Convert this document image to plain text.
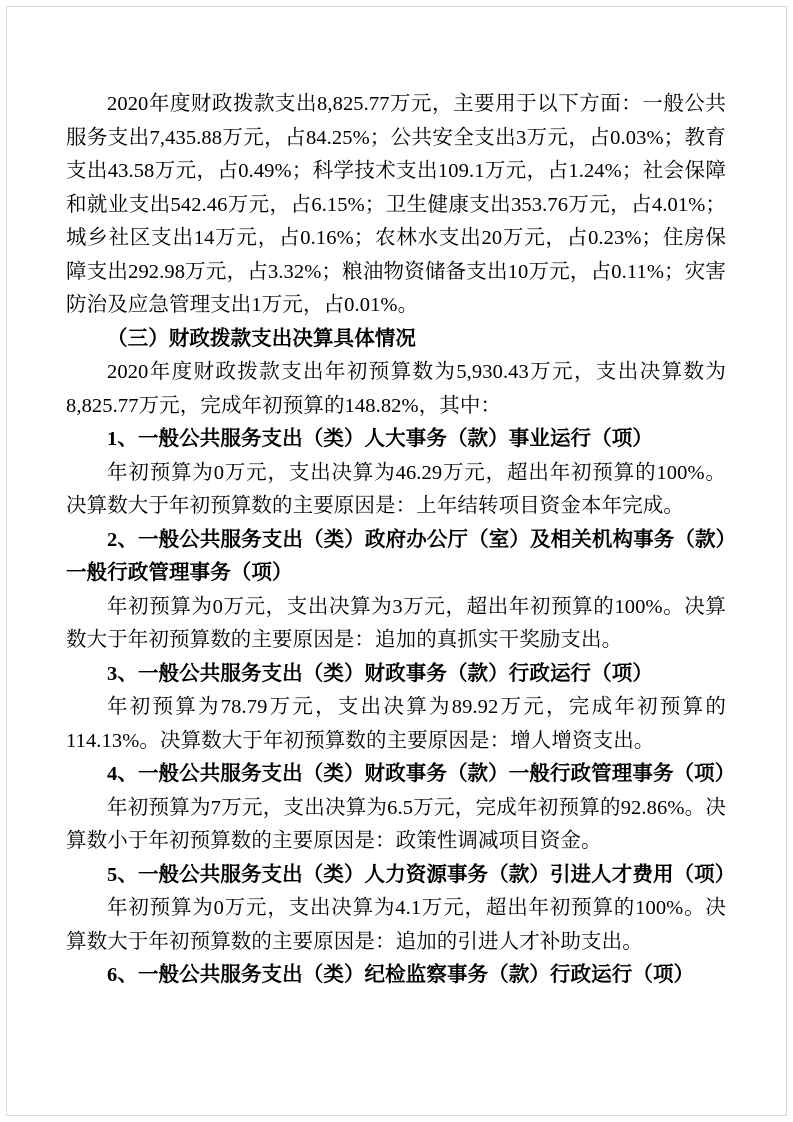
2020年度财政拨款支出8,825.77万元，主要用于以下方面：一般公共服务支出7,435.88万元，占84.25%；公共安全支出3万元，占0.03%；教育支出43.58万元，占0.49%；科学技术支出109.1万元，占1.24%；社会保障和就业支出542.46万元，占6.15%；卫生健康支出353.76万元，占4.01%；城乡社区支出14万元，占0.16%；农林水支出20万元，占0.23%；住房保障支出292.98万元，占3.32%；粮油物资储备支出10万元，占0.11%；灾害防治及应急管理支出1万元，占0.01%。

（三）财政拨款支出决算具体情况

2020年度财政拨款支出年初预算数为5,930.43万元，支出决算数为8,825.77万元，完成年初预算的148.82%，其中：

1、一般公共服务支出（类）人大事务（款）事业运行（项）

年初预算为0万元，支出决算为46.29万元，超出年初预算的100%。决算数大于年初预算数的主要原因是：上年结转项目资金本年完成。

2、一般公共服务支出（类）政府办公厅（室）及相关机构事务（款）一般行政管理事务（项）

年初预算为0万元，支出决算为3万元，超出年初预算的100%。决算数大于年初预算数的主要原因是：追加的真抓实干奖励支出。

3、一般公共服务支出（类）财政事务（款）行政运行（项）

年初预算为78.79万元，支出决算为89.92万元，完成年初预算的114.13%。决算数大于年初预算数的主要原因是：增人增资支出。

4、一般公共服务支出（类）财政事务（款）一般行政管理事务（项）

年初预算为7万元，支出决算为6.5万元，完成年初预算的92.86%。决算数小于年初预算数的主要原因是：政策性调减项目资金。

5、一般公共服务支出（类）人力资源事务（款）引进人才费用（项）

年初预算为0万元，支出决算为4.1万元，超出年初预算的100%。决算数大于年初预算数的主要原因是：追加的引进人才补助支出。

6、一般公共服务支出（类）纪检监察事务（款）行政运行（项）
